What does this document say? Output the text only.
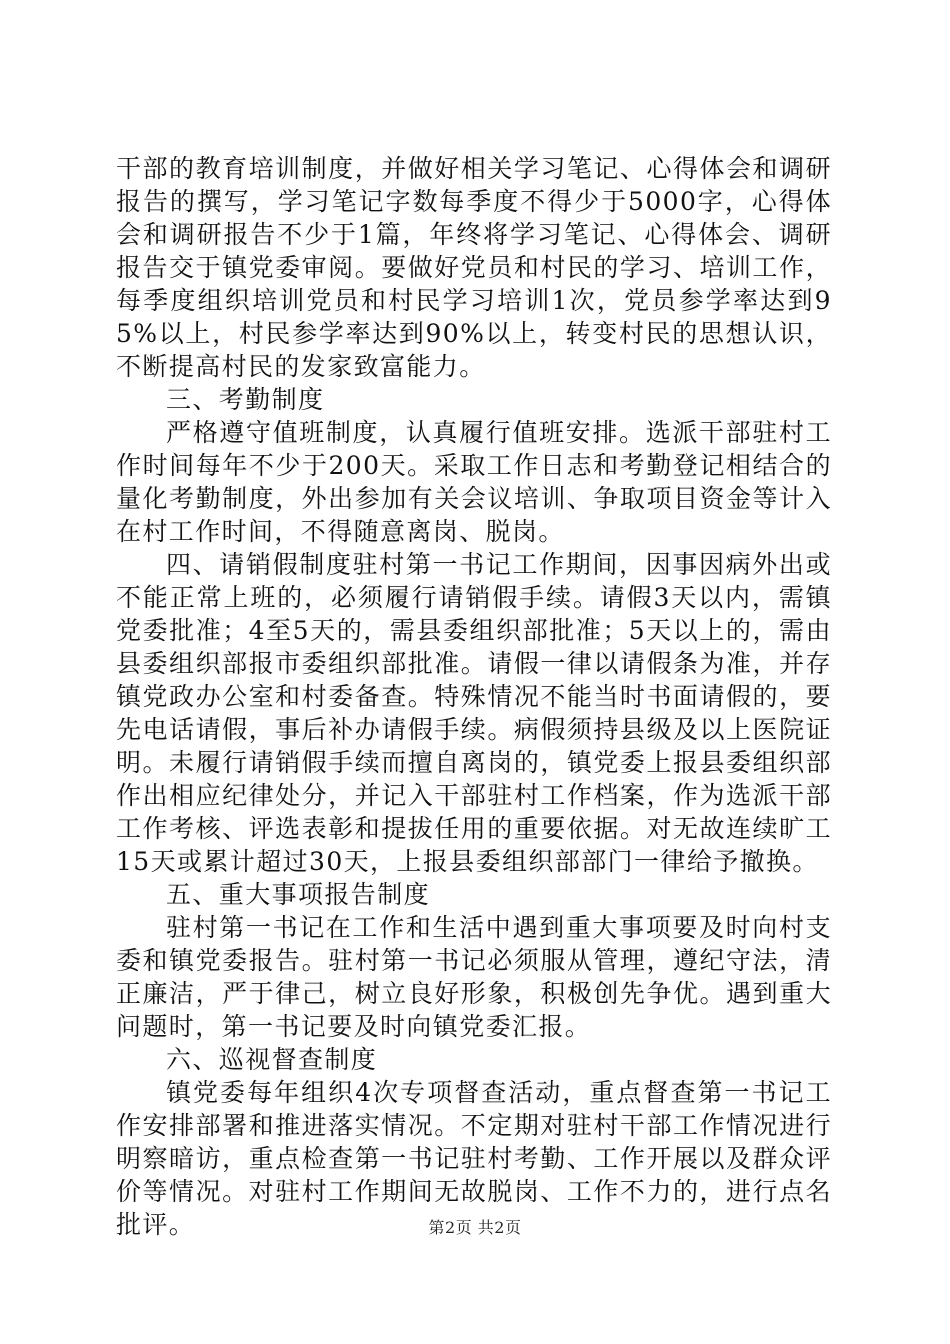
干部的教育培训制度，并做好相关学习笔记、心得体会和调研报告的撰写，学习笔记字数每季度不得少于5000字，心得体会和调研报告不少于1篇，年终将学习笔记、心得体会、调研报告交于镇党委审阅。要做好党员和村民的学习、培训工作，每季度组织培训党员和村民学习培训1次，党员参学率达到95%以上，村民参学率达到90%以上，转变村民的思想认识，不断提高村民的发家致富能力。

三、考勤制度

严格遵守值班制度，认真履行值班安排。选派干部驻村工作时间每年不少于200天。采取工作日志和考勤登记相结合的量化考勤制度，外出参加有关会议培训、争取项目资金等计入在村工作时间，不得随意离岗、脱岗。

四、请销假制度驻村第一书记工作期间，因事因病外出或不能正常上班的，必须履行请销假手续。请假3天以内，需镇党委批准；4至5天的，需县委组织部批准；5天以上的，需由县委组织部报市委组织部批准。请假一律以请假条为准，并存镇党政办公室和村委备查。特殊情况不能当时书面请假的，要先电话请假，事后补办请假手续。病假须持县级及以上医院证明。未履行请销假手续而擅自离岗的，镇党委上报县委组织部作出相应纪律处分，并记入干部驻村工作档案，作为选派干部工作考核、评选表彰和提拔任用的重要依据。对无故连续旷工15天或累计超过30天，上报县委组织部部门一律给予撤换。

五、重大事项报告制度

驻村第一书记在工作和生活中遇到重大事项要及时向村支委和镇党委报告。驻村第一书记必须服从管理，遵纪守法，清正廉洁，严于律己，树立良好形象，积极创先争优。遇到重大问题时，第一书记要及时向镇党委汇报。

六、巡视督查制度

镇党委每年组织4次专项督查活动，重点督查第一书记工作安排部署和推进落实情况。不定期对驻村干部工作情况进行明察暗访，重点检查第一书记驻村考勤、工作开展以及群众评价等情况。对驻村工作期间无故脱岗、工作不力的，进行点名批评。	第2页 共2页
